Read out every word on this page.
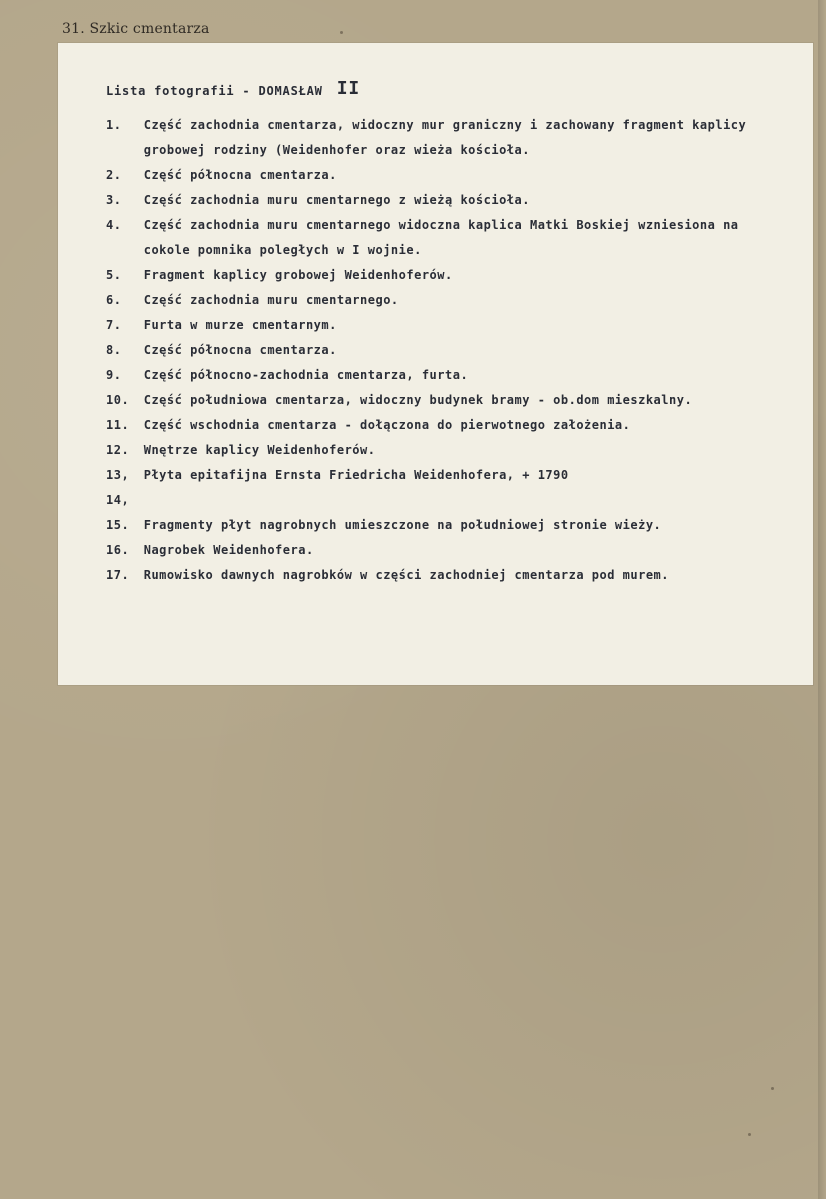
31. Szkic cmentarza
Lista fotografii - DOMASŁAW II
1. Część zachodnia cmentarza, widoczny mur graniczny i zachowany fragment kaplicy grobowej rodziny (Weidenhofer oraz wieża kościoła.
2. Część północna cmentarza.
3. Część zachodnia muru cmentarnego z wieżą kościoła.
4. Część zachodnia muru cmentarnego widoczna kaplica Matki Boskiej wzniesiona na cokole pomnika poległych w I wojnie.
5. Fragment kaplicy grobowej Weidenhoferów.
6. Część zachodnia muru cmentarnego.
7. Furta w murze cmentarnym.
8. Część północna cmentarza.
9. Część północno-zachodnia cmentarza, furta.
10. Część południowa cmentarza, widoczny budynek bramy - ob.dom mieszkalny.
11. Część wschodnia cmentarza - dołączona do pierwotnego założenia.
12. Wnętrze kaplicy Weidenhoferów.
13, 14, Płyta epitafijna Ernsta Friedricha Weidenhofera, + 1790
15. Fragmenty płyt nagrobnych umieszczone na południowej stronie wieży.
16. Nagrobek Weidenhofera.
17. Rumowisko dawnych nagrobków w części zachodniej cmentarza pod murem.
